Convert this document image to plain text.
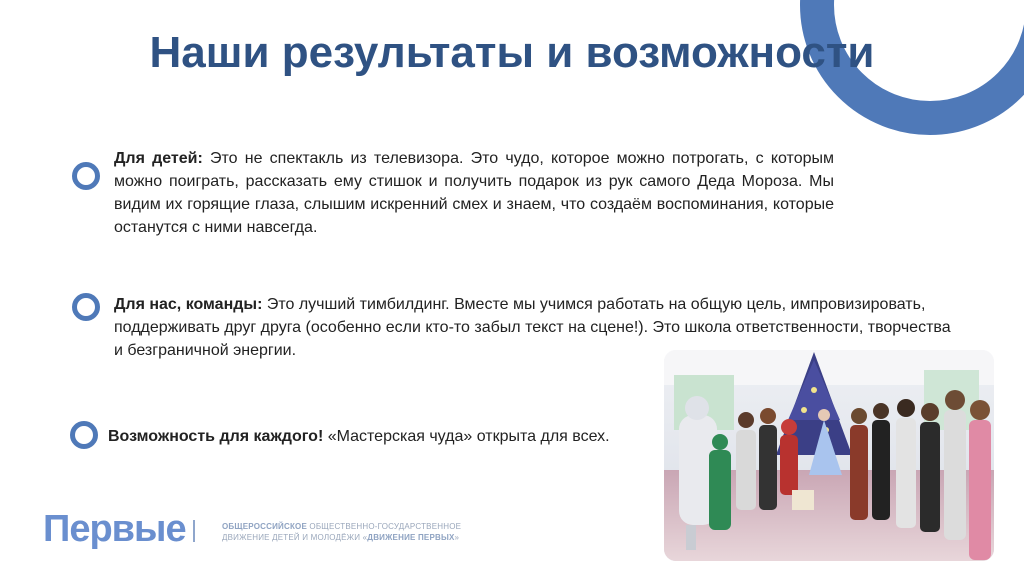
Наши результаты и возможности
Для детей: Это не спектакль из телевизора. Это чудо, которое можно потрогать, с которым можно поиграть, рассказать ему стишок и получить подарок из рук самого Деда Мороза. Мы видим их горящие глаза, слышим искренний смех и знаем, что создаём воспоминания, которые останутся с ними навсегда.
Для нас, команды: Это лучший тимбилдинг. Вместе мы учимся работать на общую цель, импровизировать, поддерживать друг друга (особенно если кто-то забыл текст на сцене!). Это школа ответственности, творчества и безграничной энергии.
Возможность для каждого! «Мастерская чуда» открыта для всех.
Первые	ОБЩЕРОССИЙСКОЕ ОБЩЕСТВЕННО-ГОСУДАРСТВЕННОЕ
ДВИЖЕНИЕ ДЕТЕЙ И МОЛОДЁЖИ «ДВИЖЕНИЕ ПЕРВЫХ»
